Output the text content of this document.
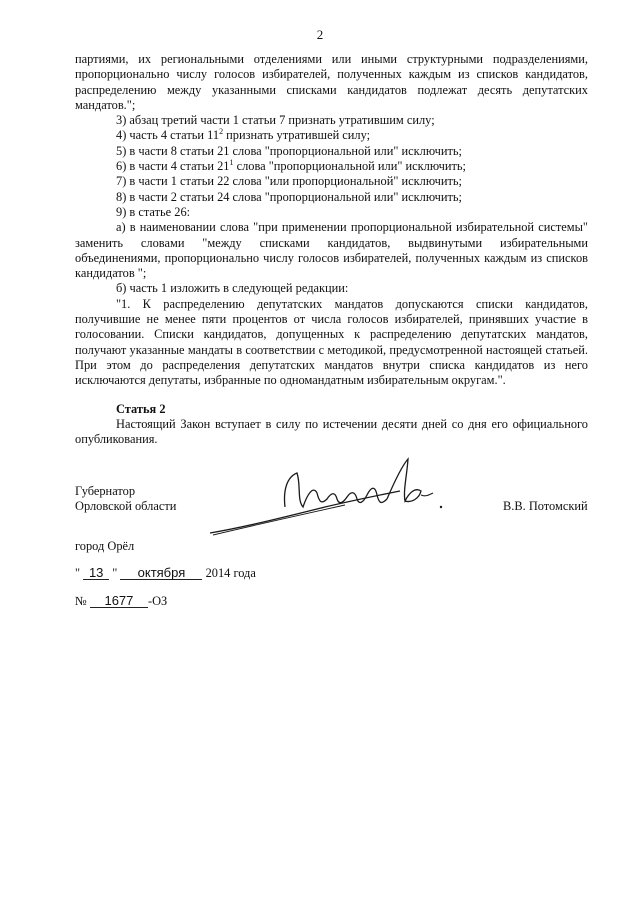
2

партиями, их региональными отделениями или иными структурными подразделениями, пропорционально числу голосов избирателей, полученных каждым из списков кандидатов, распределению между указанными списками кандидатов подлежат десять депутатских мандатов.";

3) абзац третий части 1 статьи 7 признать утратившим силу;

4) часть 4 статьи $11^2$ признать утратившей силу;

5) в части 8 статьи 21 слова "пропорциональной или" исключить;

6) в части 4 статьи $21^1$ слова "пропорциональной или" исключить;

7) в части 1 статьи 22 слова "или пропорциональной" исключить;

8) в части 2 статьи 24 слова "пропорциональной или" исключить;

9) в статье 26:

а) в наименовании слова "при применении пропорциональной избирательной системы" заменить словами "между списками кандидатов, выдвинутыми избирательными объединениями, пропорционально числу голосов избирателей, полученных каждым из списков кандидатов ";

б) часть 1 изложить в следующей редакции:

"1. К распределению депутатских мандатов допускаются списки кандидатов, получившие не менее пяти процентов от числа голосов избирателей, принявших участие в голосовании. Списки кандидатов, допущенных к распределению депутатских мандатов, получают указанные мандаты в соответствии с методикой, предусмотренной настоящей статьей. При этом до распределения депутатских мандатов внутри списка кандидатов из него исключаются депутаты, избранные по одномандатным избирательным округам.".

Статья 2

Настоящий Закон вступает в силу по истечении десяти дней со дня его официального опубликования.

Губернатор
Орловской области	В.В. Потомский
город Орёл
" 13 " октября 2014 года
№ 1677 -ОЗ
